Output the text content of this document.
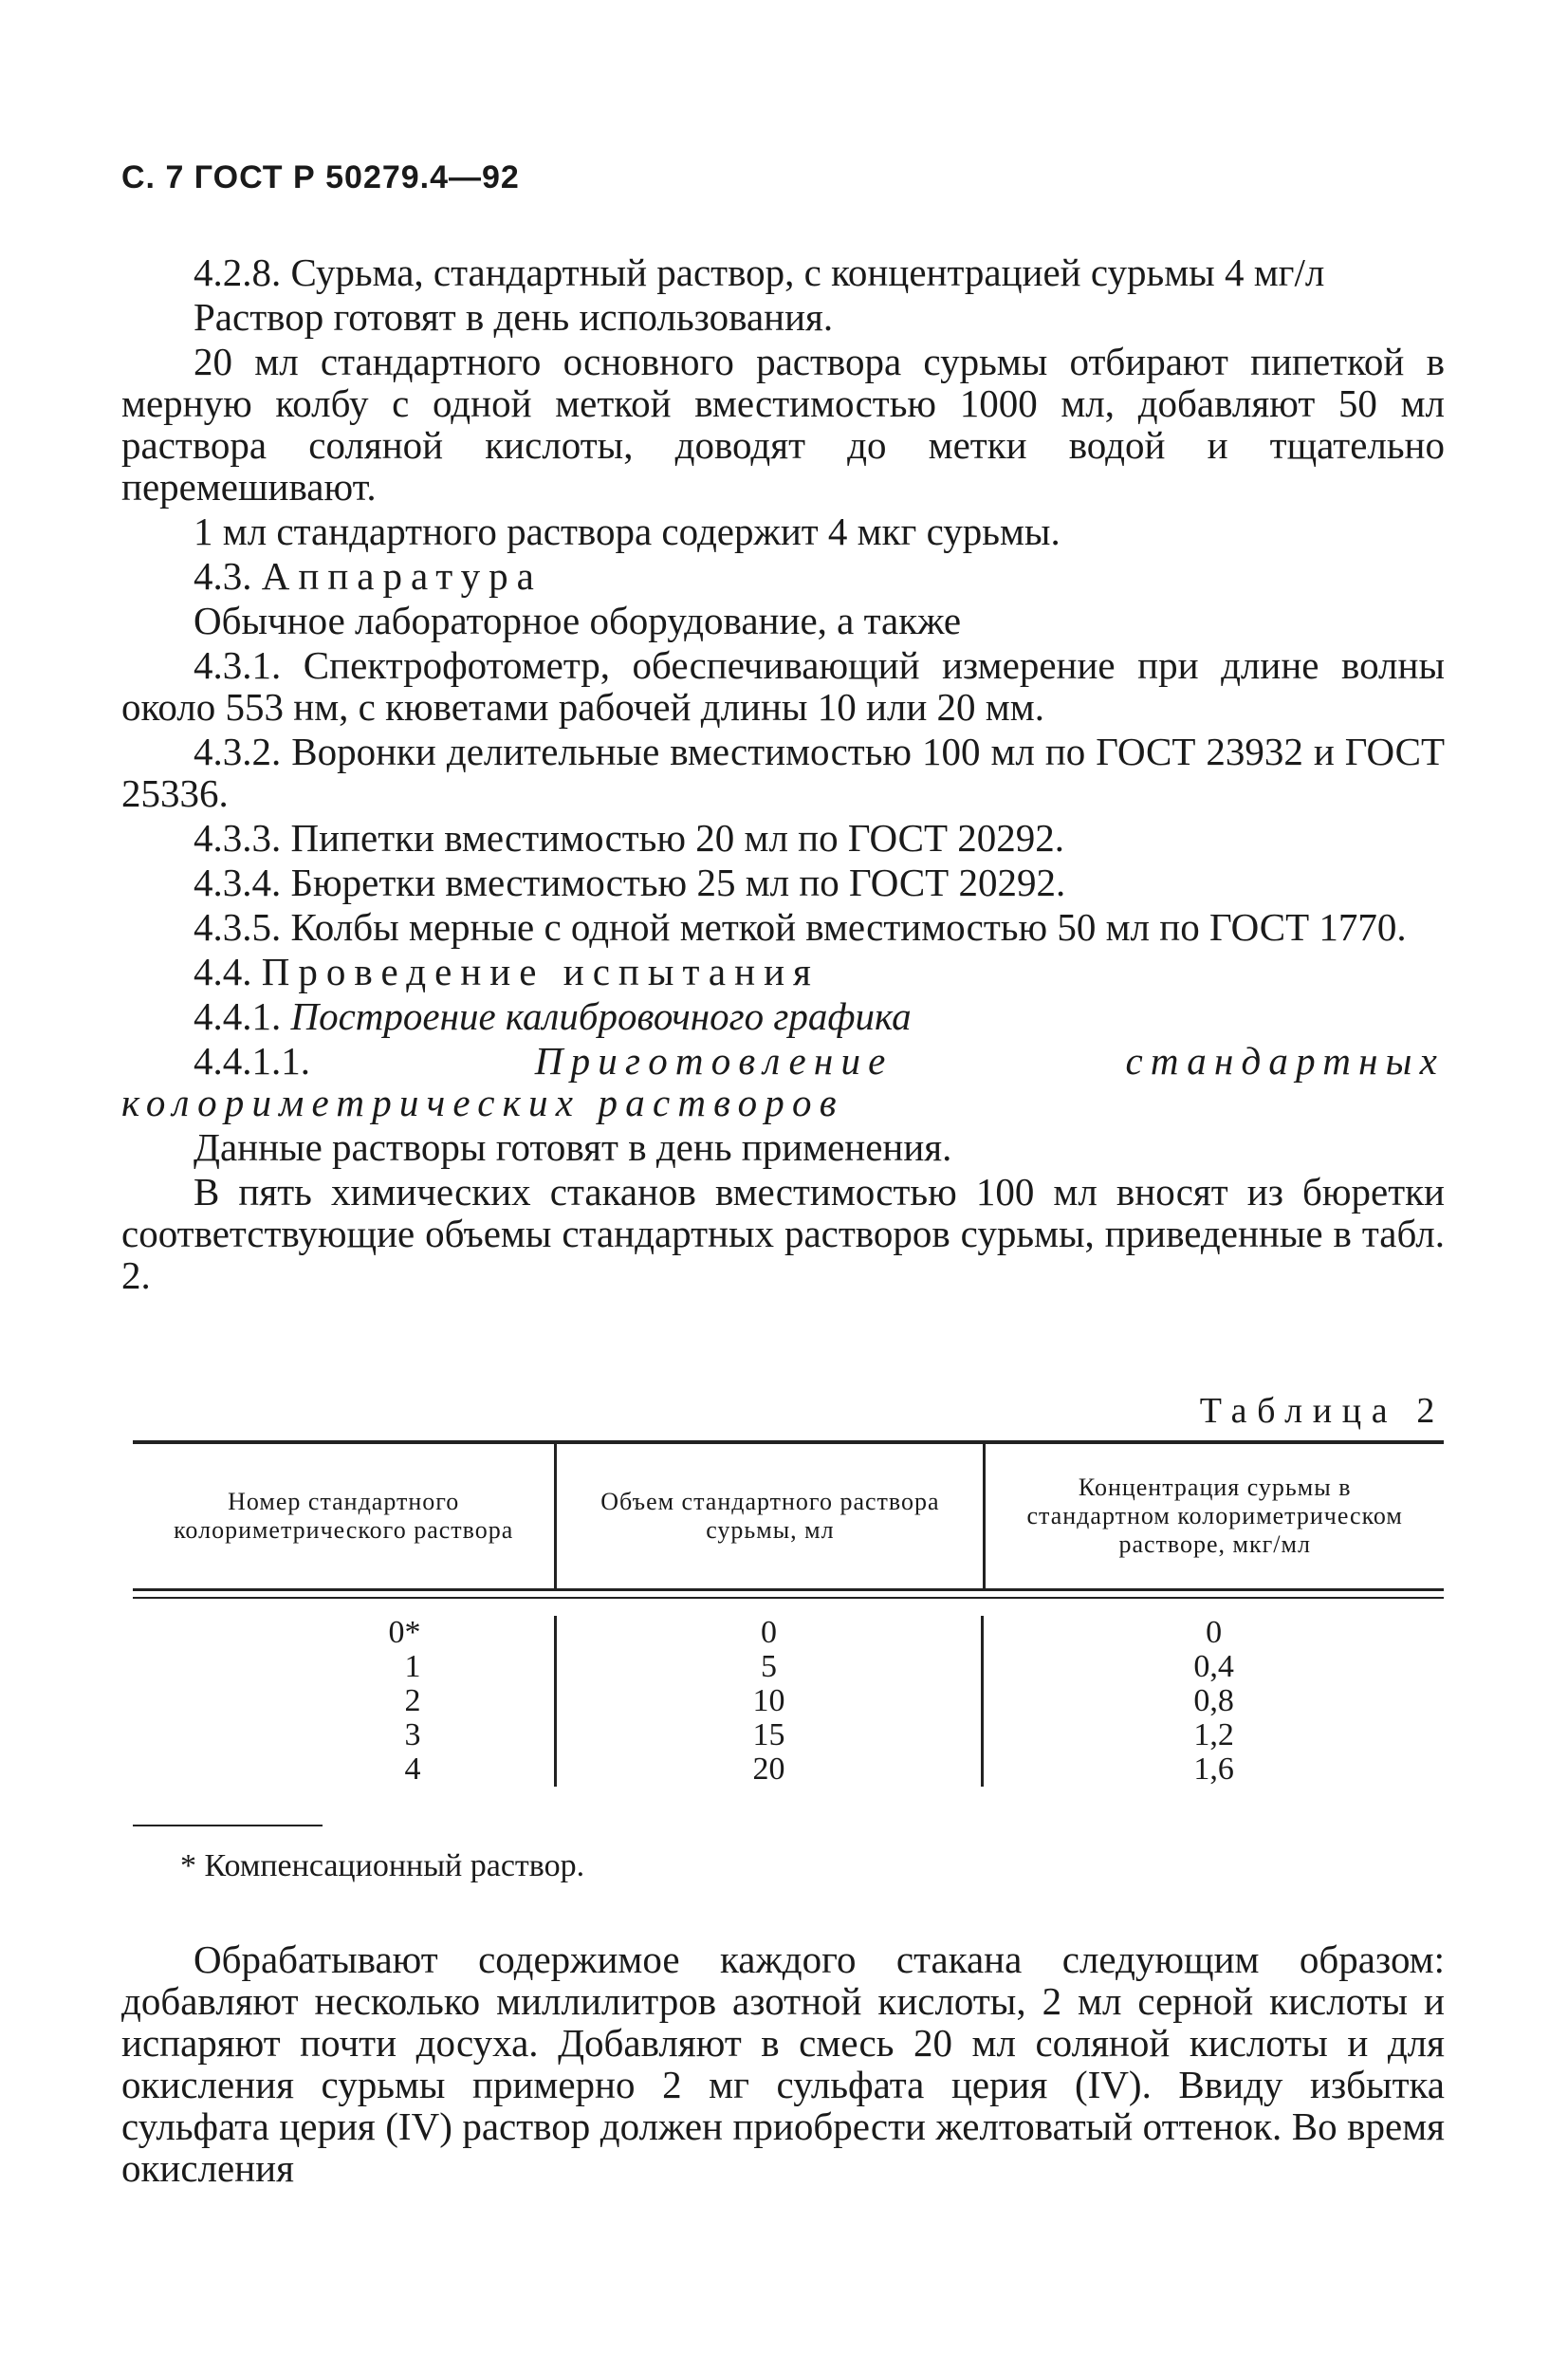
С. 7 ГОСТ Р 50279.4—92

4.2.8. Сурьма, стандартный раствор, с концентрацией сурьмы 4 мг/л

Раствор готовят в день использования.

20 мл стандартного основного раствора сурьмы отбирают пипеткой в мерную колбу с одной меткой вместимостью 1000 мл, добавляют 50 мл раствора соляной кислоты, доводят до метки водой и тщательно перемешивают.

1 мл стандартного раствора содержит 4 мкг сурьмы.

4.3. Аппаратура

Обычное лабораторное оборудование, а также

4.3.1. Спектрофотометр, обеспечивающий измерение при длине волны около 553 нм, с кюветами рабочей длины 10 или 20 мм.

4.3.2. Воронки делительные вместимостью 100 мл по ГОСТ 23932 и ГОСТ 25336.

4.3.3. Пипетки вместимостью 20 мл по ГОСТ 20292.

4.3.4. Бюретки вместимостью 25 мл по ГОСТ 20292.

4.3.5. Колбы мерные с одной меткой вместимостью 50 мл по ГОСТ 1770.

4.4. Проведение испытания

4.4.1. Построение калибровочного графика

4.4.1.1.	Приготовление стандартных колориметрических растворов

Данные растворы готовят в день применения.

В пять химических стаканов вместимостью 100 мл вносят из бюретки соответствующие объемы стандартных растворов сурьмы, приведенные в табл. 2.

Таблица 2
Номер стандартного колориметрического раствора
Объем стандартного раствора сурьмы, мл
Концентрация сурьмы в стандартном колориметрическом растворе, мкг/мл
0*
1
2
3
4
0
5
10
15
20
0
0,4
0,8
1,2
1,6
* Компенсационный раствор.

Обрабатывают содержимое каждого стакана следующим образом: добавляют несколько миллилитров азотной кислоты, 2 мл серной кислоты и испаряют почти досуха. Добавляют в смесь 20 мл соляной кислоты и для окисления сурьмы примерно 2 мг сульфата церия (IV). Ввиду избытка сульфата церия (IV) раствор должен приобрести желтоватый оттенок. Во время окисления
